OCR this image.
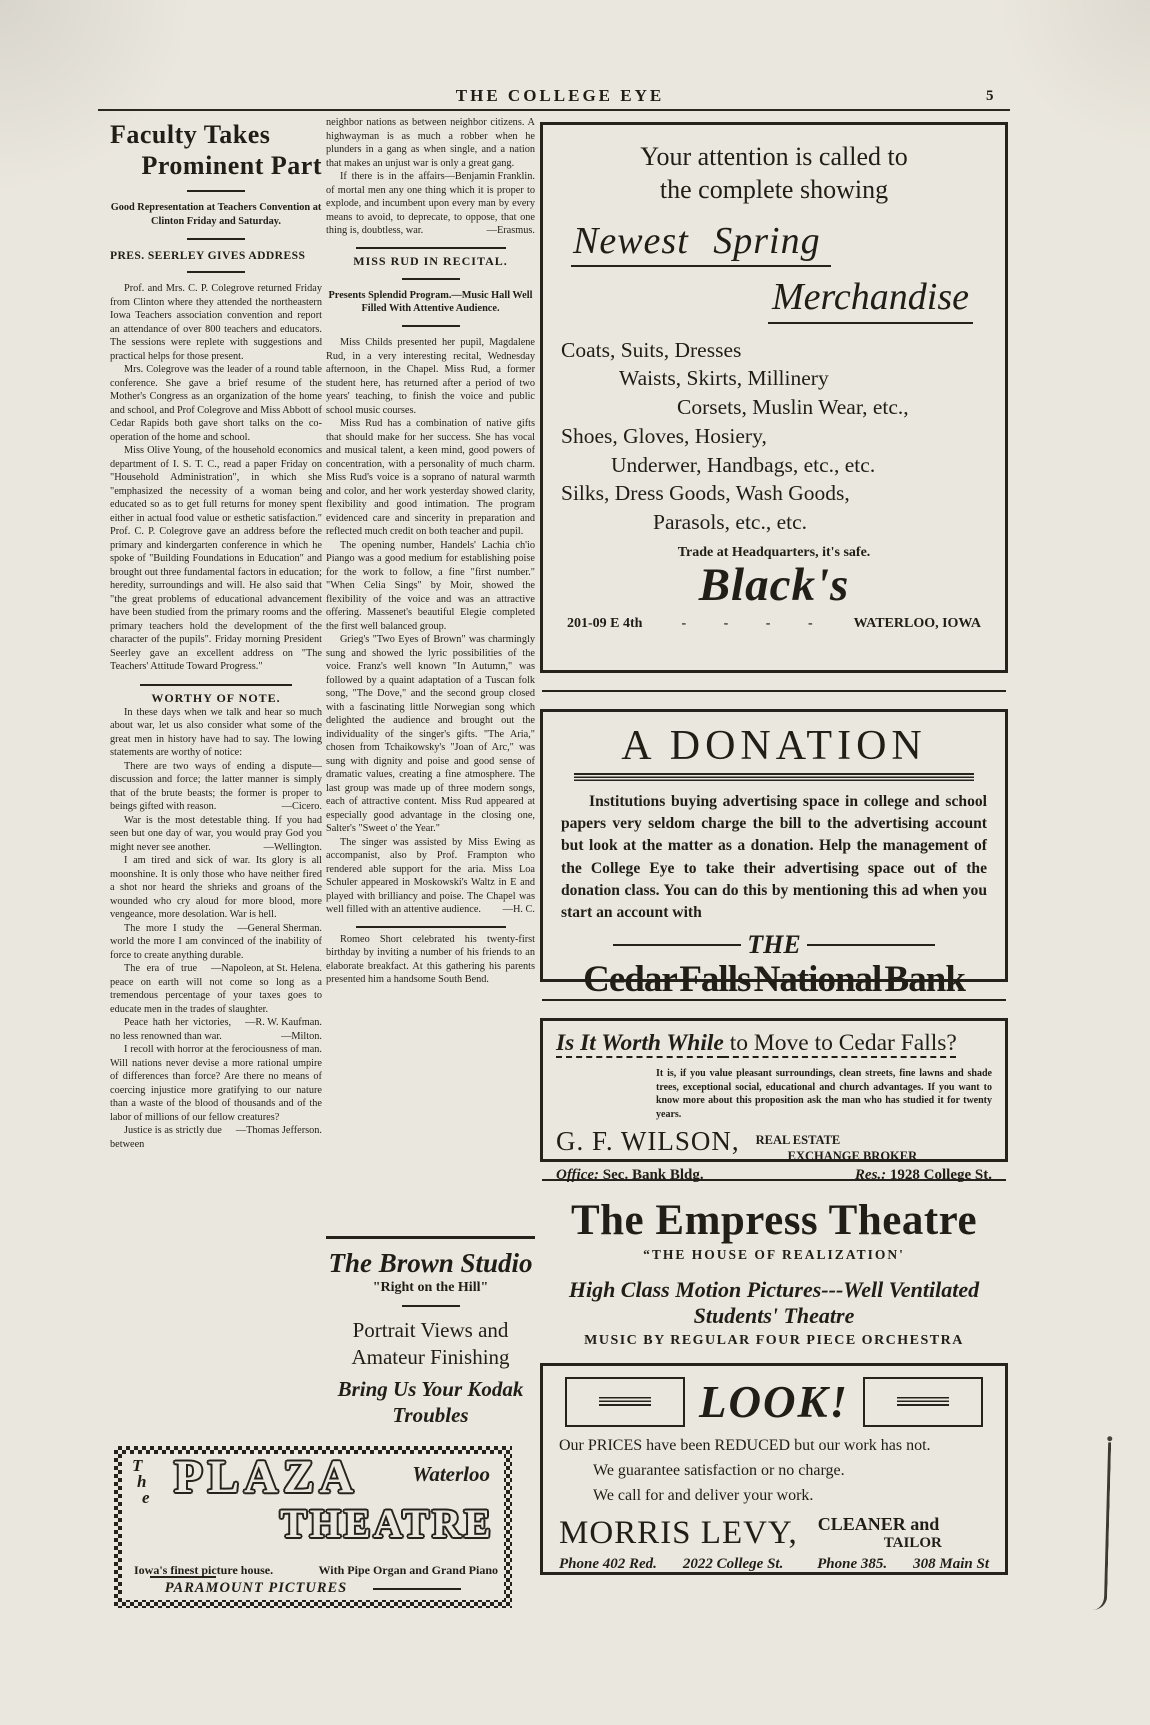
THE COLLEGE EYE	5
Faculty Takes
Prominent Part
Good Representation at Teachers Convention at Clinton Friday and Saturday.
PRES. SEERLEY GIVES ADDRESS

Prof. and Mrs. C. P. Colegrove returned Friday from Clinton where they attended the northeastern Iowa Teachers association convention and report an attendance of over 800 teachers and educators. The sessions were replete with suggestions and practical helps for those present.

Mrs. Colegrove was the leader of a round table conference. She gave a brief resume of the Mother's Congress as an organization of the home and school, and Prof Colegrove and Miss Abbott of Cedar Rapids both gave short talks on the co-operation of the home and school.

Miss Olive Young, of the household economics department of I. S. T. C., read a paper Friday on "Household Administration", in which she "emphasized the necessity of a woman being educated so as to get full returns for money spent either in actual food value or esthetic satisfaction." Prof. C. P. Colegrove gave an address before the primary and kindergarten conference in which he spoke of "Building Foundations in Education" and brought out three fundamental factors in education; heredity, surroundings and will. He also said that "the great problems of educational advancement have been studied from the primary rooms and the primary teachers hold the development of the character of the pupils". Friday morning President Seerley gave an excellent address on "The Teachers' Attitude Toward Progress."

WORTHY OF NOTE.

In these days when we talk and hear so much about war, let us also consider what some of the great men in history have had to say. The lowing statements are worthy of notice:

There are two ways of ending a dispute—discussion and force; the latter manner is simply that of the brute beasts; the former is proper to beings gifted with reason.	—Cicero.

War is the most detestable thing. If you had seen but one day of war, you would pray God you might never see another.	—Wellington.

I am tired and sick of war. Its glory is all moonshine. It is only those who have neither fired a shot nor heard the shrieks and groans of the wounded who cry aloud for more blood, more vengeance, more desolation. War is hell.
—General Sherman.

The more I study the world the more I am convinced of the inability of force to create anything durable.
—Napoleon, at St. Helena.

The era of true peace on earth will not come so long as a tremendous percentage of your taxes goes to educate men in the trades of slaughter.
—R. W. Kaufman.

Peace hath her victories, no less renowned than war.	—Milton.

I recoll with horror at the ferociousness of man. Will nations never devise a more rational umpire of differences than force? Are there no means of coercing injustice more gratifying to our nature than a waste of the blood of thousands and of the labor of millions of our fellow creatures?
—Thomas Jefferson.

Justice is as strictly due between

neighbor nations as between neighbor citizens. A highwayman is as much a robber when he plunders in a gang as when single, and a nation that makes an unjust war is only a great gang.
—Benjamin Franklin.

If there is in the affairs of mortal men any one thing which it is proper to explode, and incumbent upon every man by every means to avoid, to deprecate, to oppose, that one thing is, doubtless, war.	—Erasmus.

MISS RUD IN RECITAL.
Presents Splendid Program.—Music Hall Well Filled With Attentive Audience.

Miss Childs presented her pupil, Magdalene Rud, in a very interesting recital, Wednesday afternoon, in the Chapel. Miss Rud, a former student here, has returned after a period of two years' teaching, to finish the voice and public school music courses.

Miss Rud has a combination of native gifts that should make for her success. She has vocal and musical talent, a keen mind, good powers of concentration, with a personality of much charm. Miss Rud's voice is a soprano of natural warmth and color, and her work yesterday showed clarity, flexibility and good intimation. The program evidenced care and sincerity in preparation and reflected much credit on both teacher and pupil.

The opening number, Handels' Lachia ch'io Piango was a good medium for establishing poise for the work to follow, a fine "first number." "When Celia Sings" by Moir, showed the flexibility of the voice and was an attractive offering. Massenet's beautiful Elegie completed the first well balanced group.

Grieg's "Two Eyes of Brown" was charmingly sung and showed the lyric possibilities of the voice. Franz's well known "In Autumn," was followed by a quaint adaptation of a Tuscan folk song, "The Dove," and the second group closed with a fascinating little Norwegian song which delighted the audience and brought out the individuality of the singer's gifts. "The Aria," chosen from Tchaikowsky's "Joan of Arc," was sung with dignity and poise and good sense of dramatic values, creating a fine atmosphere. The last group was made up of three modern songs, each of attractive content. Miss Rud appeared at especially good advantage in the closing one, Salter's "Sweet o' the Year."

The singer was assisted by Miss Ewing as accompanist, also by Prof. Frampton who rendered able support for the aria. Miss Loa Schuler appeared in Moskowski's Waltz in E and played with brilliancy and poise. The Chapel was well filled with an attentive audience.	—H. C.

Romeo Short celebrated his twenty-first birthday by inviting a number of his friends to an elaborate breakfact. At this gathering his parents presented him a handsome South Bend.

The Brown Studio
"Right on the Hill"
Portrait Views and Amateur Finishing
Bring Us Your Kodak Troubles
Your attention is called to
the complete showing
Newest Spring
Merchandise
Coats, Suits, Dresses
Waists, Skirts, Millinery
Corsets, Muslin Wear, etc.,
Shoes, Gloves, Hosiery,
Underwer, Handbags, etc., etc.
Silks, Dress Goods, Wash Goods,
Parasols, etc., etc.
Trade at Headquarters, it's safe.
Black's
201-09 E 4th	- - - -	WATERLOO, IOWA
A DONATION

Institutions buying advertising space in college and school papers very seldom charge the bill to the advertising account but look at the matter as a donation. Help the management of the College Eye to take their advertising space out of the donation class. You can do this by mentioning this ad when you start an account with

THE
Cedar Falls National Bank
Is It Worth While to Move to Cedar Falls?
It is, if you value pleasant surroundings, clean streets, fine lawns and shade trees, exceptional social, educational and church advantages. If you want to know more about this proposition ask the man who has studied it for twenty years.
G. F. WILSON, REAL ESTATE
EXCHANGE BROKER
Office: Sec. Bank Bldg.	Res.: 1928 College St.
The Empress Theatre
“THE HOUSE OF REALIZATION'
High Class Motion Pictures---Well Ventilated
Students' Theatre
MUSIC BY REGULAR FOUR PIECE ORCHESTRA
LOOK!
Our PRICES have been REDUCED but our work has not.
We guarantee satisfaction or no charge.
We call for and deliver your work.
MORRIS LEVY, CLEANER and
TAILOR
Phone 402 Red. 2022 College St. Phone 385. 308 Main St
T
h
e PLAZA	Waterloo
THEATRE
Iowa's finest picture house.	With Pipe Organ and Grand Piano
PARAMOUNT PICTURES
